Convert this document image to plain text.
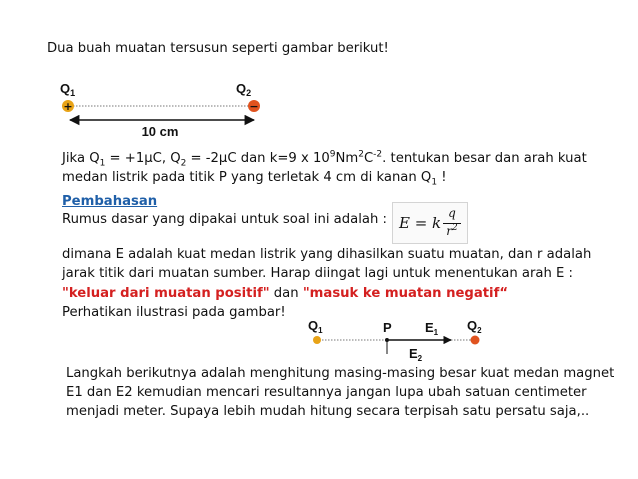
Dua buah muatan tersusun seperti gambar berikut!
$Q_1$	$Q_2$
+	−
10 cm
Jika $Q_1 = +1\mu C$, $Q_2 = -2\mu C$ dan k=9 x $10^9Nm^2C^{-2}$. tentukan besar dan arah kuat
medan listrik pada titik P yang terletak 4 cm di kanan $Q_1$ !
Pembahasan
Rumus dasar yang dipakai untuk soal ini adalah : E = k
q
$r^2$
dimana E adalah kuat medan listrik yang dihasilkan suatu muatan, dan r adalah
jarak titik dari muatan sumber. Harap diingat lagi untuk menentukan arah E :
"keluar dari muatan positif" dan "masuk ke muatan negatif“
Perhatikan ilustrasi pada gambar!
$Q_1$	P	$E_1$ $Q_2$
$E_2$
Langkah berikutnya adalah menghitung masing-masing besar kuat medan magnet
E1 dan E2 kemudian mencari resultannya jangan lupa ubah satuan centimeter
menjadi meter. Supaya lebih mudah hitung secara terpisah satu persatu saja,..
